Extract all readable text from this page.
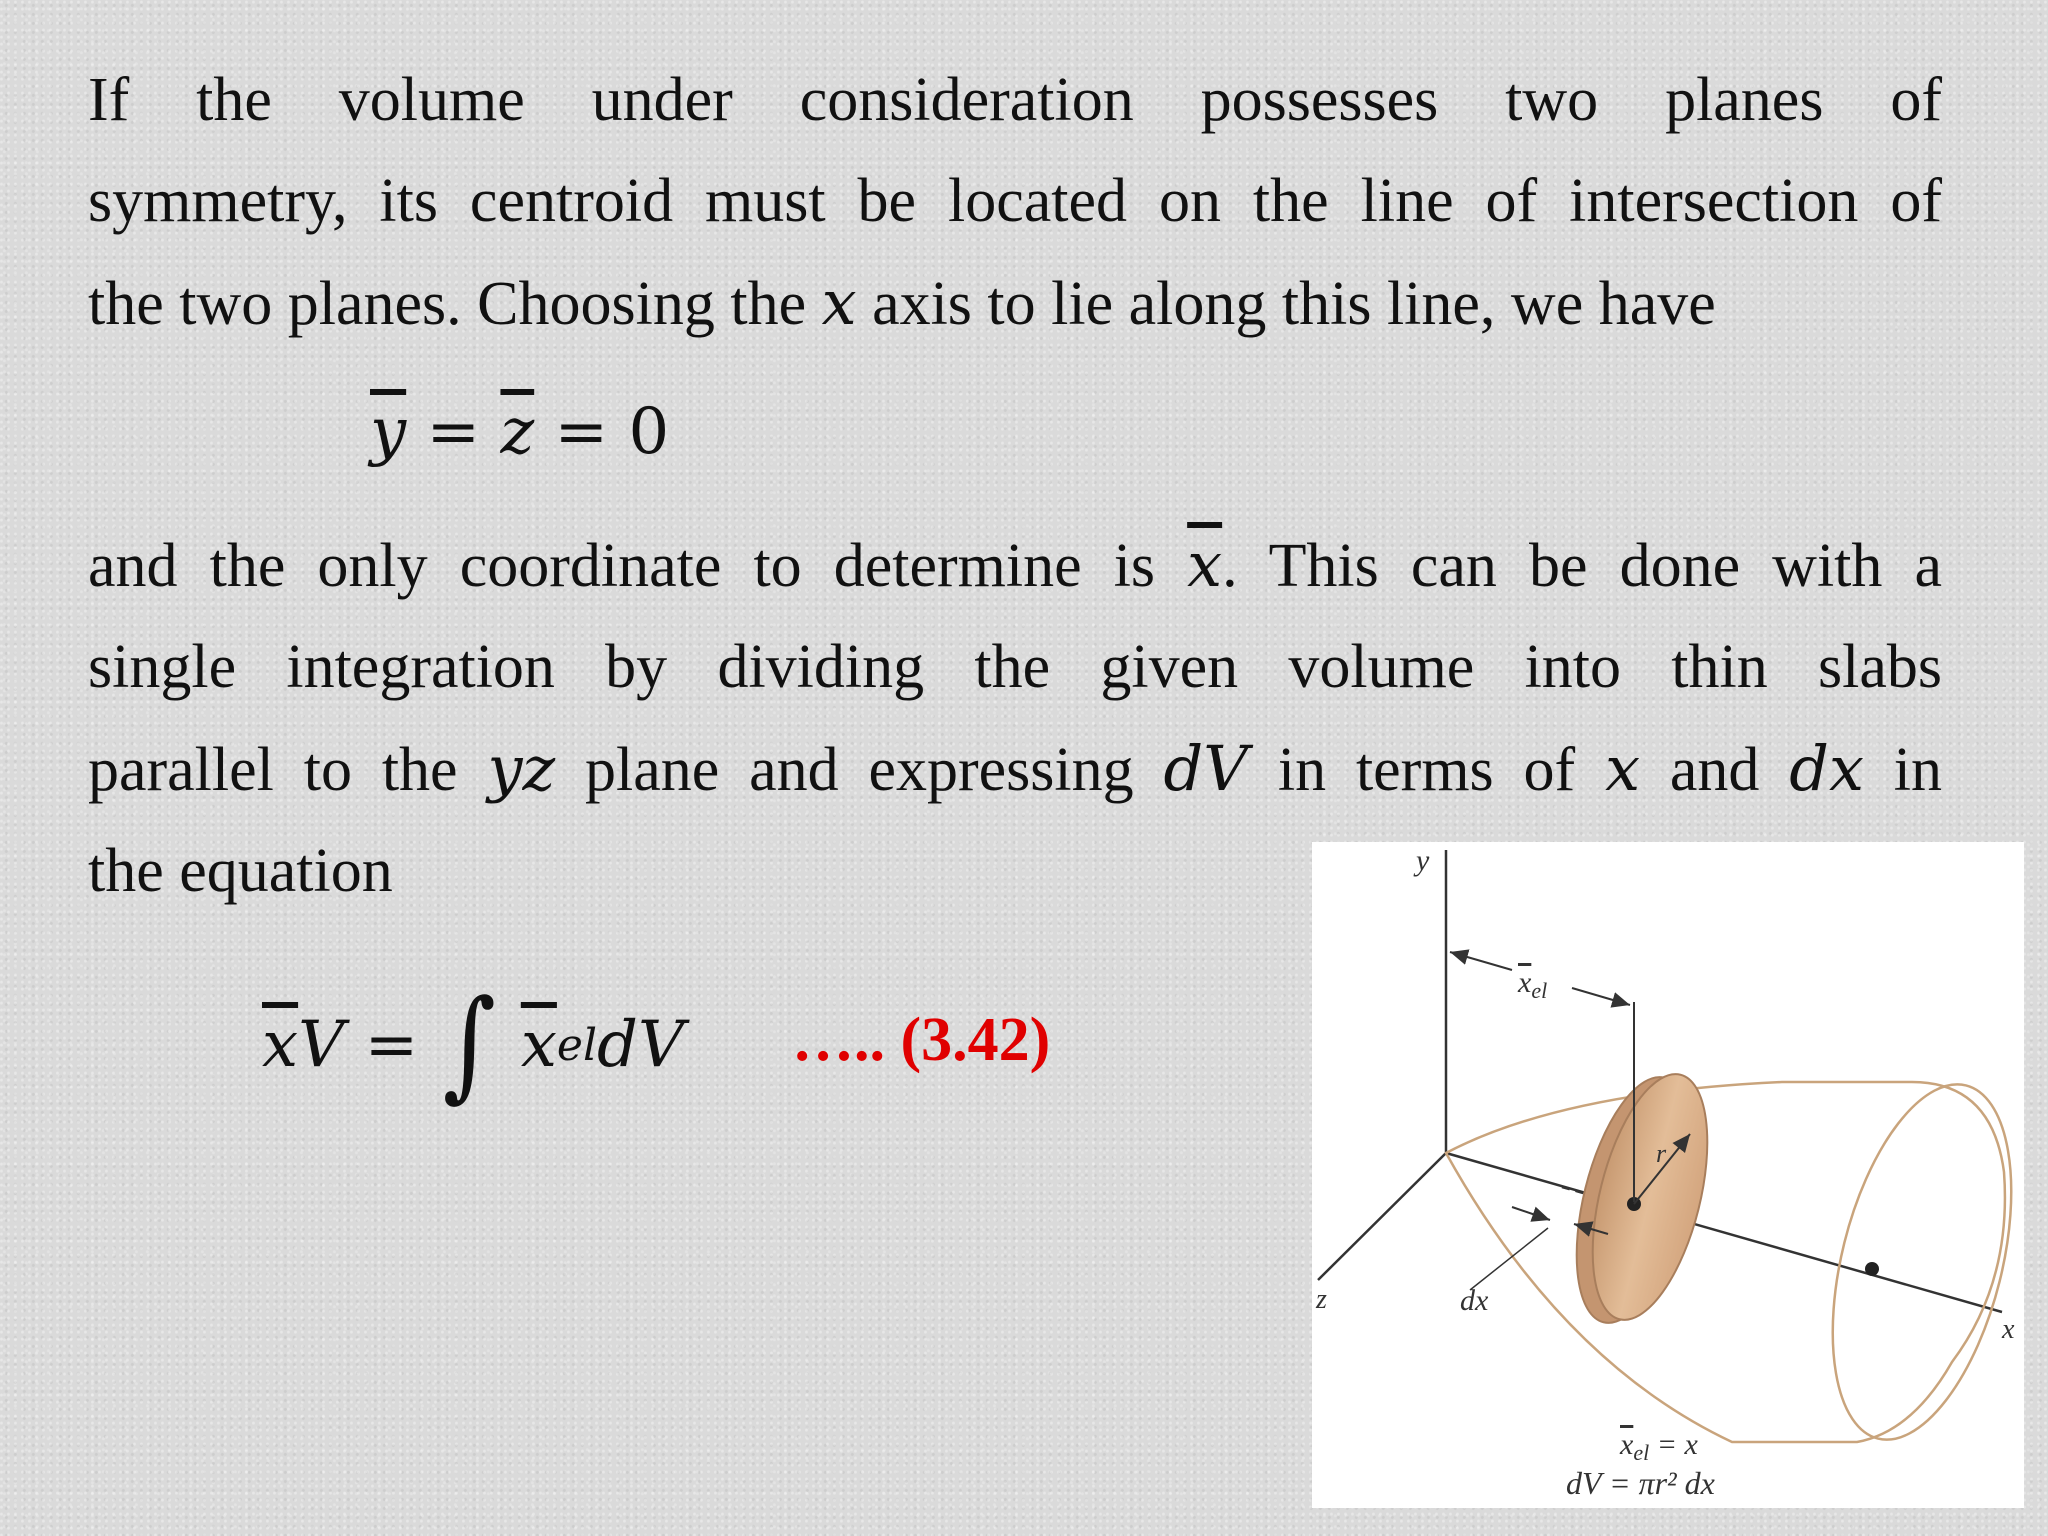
If the volume under consideration possesses two planes of
symmetry, its centroid must be located on the line of intersection of
the two planes. Choosing the x axis to lie along this line, we have
$\overline{y} = \overline{z} = 0$
and the only coordinate to determine is $\overline{x}$. This can be done with a
single integration by dividing the given volume into thin slabs
parallel to the yz plane and expressing dV in terms of x and dx in
the equation
$\overline{x}$ V
= ∫ $\overline{x}$ el dV ….. (3.42)
r
$x_{el}$
dx
y
z
x
$x_{el} = x$
dV = πr² dx
